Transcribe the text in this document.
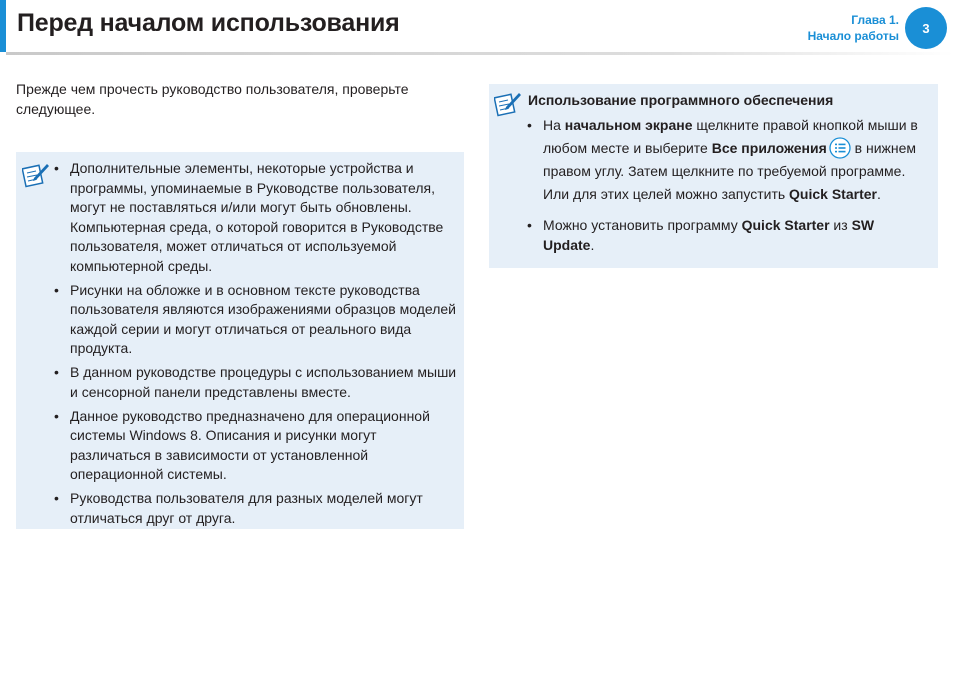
Перед началом использования	Глава 1.
Начало работы
3

Прежде чем прочесть руководство пользователя, проверьте следующее.

• Дополнительные элементы, некоторые устройства и программы, упоминаемые в Руководстве пользователя, могут не поставляться и/или могут быть обновлены. Компьютерная среда, о которой говорится в Руководстве пользователя, может отличаться от используемой компьютерной среды.
• Рисунки на обложке и в основном тексте руководства пользователя являются изображениями образцов моделей каждой серии и могут отличаться от реального вида продукта.
• В данном руководстве процедуры с использованием мыши и сенсорной панели представлены вместе.
• Данное руководство предназначено для операционной системы Windows 8. Описания и рисунки могут различаться в зависимости от установленной операционной системы.
• Руководства пользователя для разных моделей могут отличаться друг от друга.

Использование программного обеспечения

• На начальном экране щелкните правой кнопкой мыши в любом месте и выберите Все приложения в нижнем правом углу. Затем щелкните по требуемой программе. Или для этих целей можно запустить Quick Starter.
• Можно установить программу Quick Starter из SW Update.
